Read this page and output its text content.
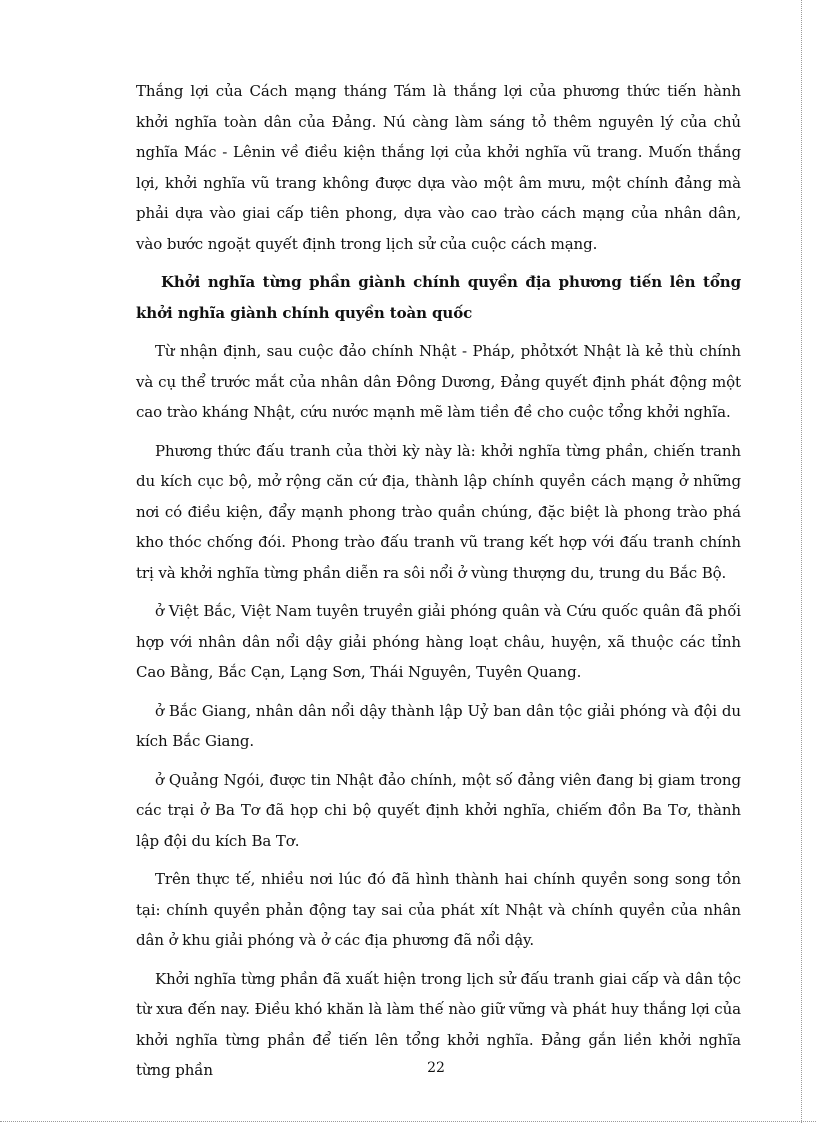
Thắng lợi của Cách mạng tháng Tám là thắng lợi của phương thức tiến hành khởi nghĩa toàn dân của Đảng. Nú càng làm sáng tỏ thêm nguyên lý của chủ nghĩa Mác - Lênin về điều kiện thắng lợi của khởi nghĩa vũ trang. Muốn thắng lợi, khởi nghĩa vũ trang không được dựa vào một âm mưu, một chính đảng mà phải dựa vào giai cấp tiên phong, dựa vào cao trào cách mạng của nhân dân, vào bước ngoặt quyết định trong lịch sử của cuộc cách mạng.

Khởi nghĩa từng phần giành chính quyền địa phương tiến lên tổng khởi nghĩa giành chính quyền toàn quốc

Từ nhận định, sau cuộc đảo chính Nhật - Pháp, phỏtxớt Nhật là kẻ thù chính và cụ thể trước mắt của nhân dân Đông Dương, Đảng quyết định phát động một cao trào kháng Nhật, cứu nước mạnh mẽ làm tiền đề cho cuộc tổng khởi nghĩa.

Phương thức đấu tranh của thời kỳ này là: khởi nghĩa từng phần, chiến tranh du kích cục bộ, mở rộng căn cứ địa, thành lập chính quyền cách mạng ở những nơi có điều kiện, đẩy mạnh phong trào quần chúng, đặc biệt là phong trào phá kho thóc chống đói. Phong trào đấu tranh vũ trang kết hợp với đấu tranh chính trị và khởi nghĩa từng phần diễn ra sôi nổi ở vùng thượng du, trung du Bắc Bộ.

ở Việt Bắc, Việt Nam tuyên truyền giải phóng quân và Cứu quốc quân đã phối hợp với nhân dân nổi dậy giải phóng hàng loạt châu, huyện, xã thuộc các tỉnh Cao Bằng, Bắc Cạn, Lạng Sơn, Thái Nguyên, Tuyên Quang.

ở Bắc Giang, nhân dân nổi dậy thành lập Uỷ ban dân tộc giải phóng và đội du kích Bắc Giang.

ở Quảng Ngói, được tin Nhật đảo chính, một số đảng viên đang bị giam trong các trại ở Ba Tơ đã họp chi bộ quyết định khởi nghĩa, chiếm đồn Ba Tơ, thành lập đội du kích Ba Tơ.

Trên thực tế, nhiều nơi lúc đó đã hình thành hai chính quyền song song tồn tại: chính quyền phản động tay sai của phát xít Nhật và chính quyền của nhân dân ở khu giải phóng và ở các địa phương đã nổi dậy.

Khởi nghĩa từng phần đã xuất hiện trong lịch sử đấu tranh giai cấp và dân tộc từ xưa đến nay. Điều khó khăn là làm thế nào giữ vững và phát huy thắng lợi của khởi nghĩa từng phần để tiến lên tổng khởi nghĩa. Đảng gắn liền khởi nghĩa từng phần	22
